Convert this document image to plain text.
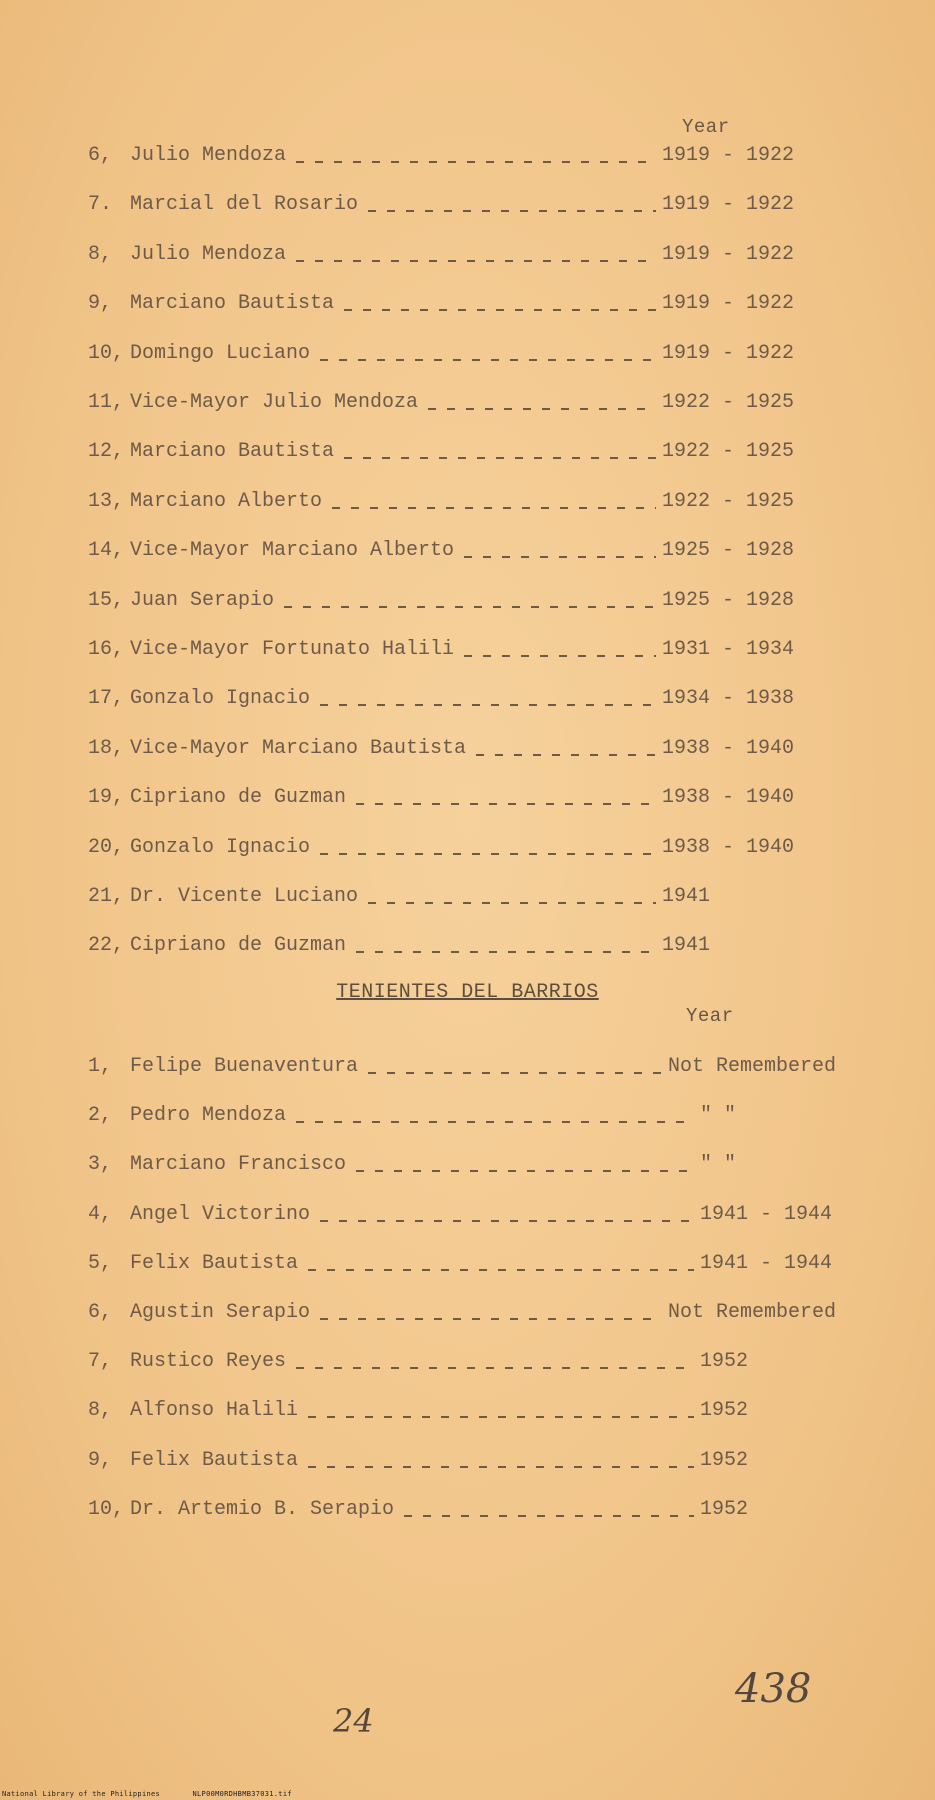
Year
6, Julio Mendoza	1919 - 1922
7. Marcial del Rosario	1919 - 1922
8, Julio Mendoza	1919 - 1922
9, Marciano Bautista	1919 - 1922
10, Domingo Luciano	1919 - 1922
11, Vice-Mayor Julio Mendoza	1922 - 1925
12, Marciano Bautista	1922 - 1925
13, Marciano Alberto	1922 - 1925
14, Vice-Mayor Marciano Alberto	1925 - 1928
15, Juan Serapio	1925 - 1928
16, Vice-Mayor Fortunato Halili	1931 - 1934
17, Gonzalo Ignacio	1934 - 1938
18, Vice-Mayor Marciano Bautista	1938 - 1940
19, Cipriano de Guzman	1938 - 1940
20, Gonzalo Ignacio	1938 - 1940
21, Dr. Vicente Luciano	1941
22, Cipriano de Guzman	1941
TENIENTES DEL BARRIOS
Year
1, Felipe Buenaventura	Not Remembered
2, Pedro Mendoza	" "
3, Marciano Francisco	" "
4, Angel Victorino	1941 - 1944
5, Felix Bautista	1941 - 1944
6, Agustin Serapio	Not Remembered
7, Rustico Reyes	1952
8, Alfonso Halili	1952
9, Felix Bautista	1952
10, Dr. Artemio B. Serapio	1952
24
438
National Library of the Philippines	NLP00M0RDHBMB37031.tif
